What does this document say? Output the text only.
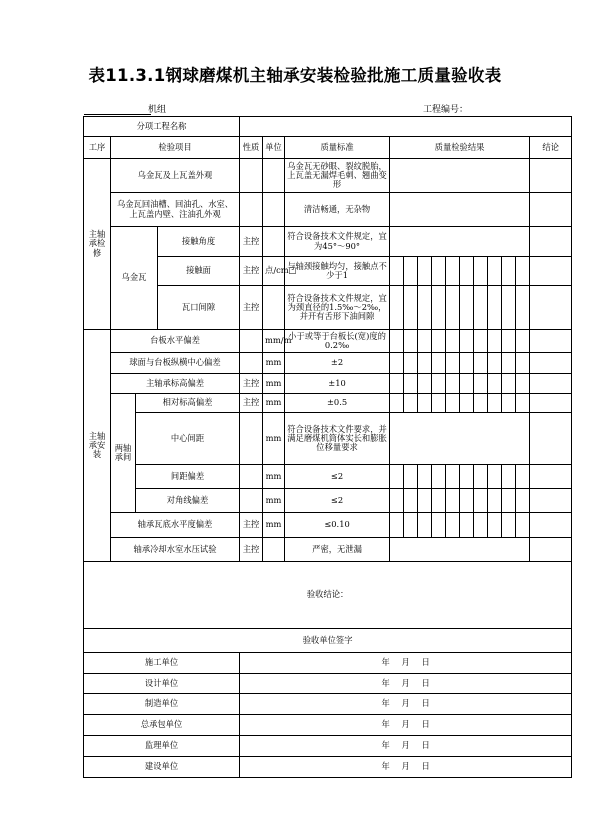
表11.3.1钢球磨煤机主轴承安装检验批施工质量验收表
机组	工程编号：
分项工程名称																	
工序	检验项目			性质	单位	质量标准	质量检验结果										结论
主轴承检修	乌金瓦及上瓦盖外观					乌金瓦无砂眼、裂纹脱胎，上瓦盖无漏焊毛刺、翘曲变形											
	乌金瓦回油槽、回油孔、水室、上瓦盖内壁、注油孔外观					清洁畅通，无杂物											
	乌金瓦		接触角度	主控		符合设备技术文件规定，宜为45°～90°											
			接触面	主控	点/cm□	与轴颈接触均匀，接触点不少于1											
			瓦口间隙	主控		符合设备技术文件规定，宜为颈直径的1.5‰～2‰，并开有舌形下油间隙											
主轴承安装	台板水平偏差				mm/m	小于或等于台板长(宽)度的0.2‰											
	球面与台板纵横中心偏差				mm	±2											
	主轴承标高偏差			主控	mm	±10											
	两轴承间	相对标高偏差		主控	mm	±0.5											
		中心间距			mm	符合设备技术文件要求，并满足磨煤机筒体实长和膨胀位移量要求											
		间距偏差			mm	≤2											
		对角线偏差			mm	≤2											
	轴承瓦底水平度偏差			主控	mm	≤0.10											
	轴承冷却水室水压试验			主控		严密，无泄漏											
验收结论：																	
验收单位签字																	
施工单位				年 月 日													
设计单位				年 月 日													
制造单位				年 月 日													
总承包单位				年 月 日													
监理单位				年 月 日													
建设单位				年 月 日													
